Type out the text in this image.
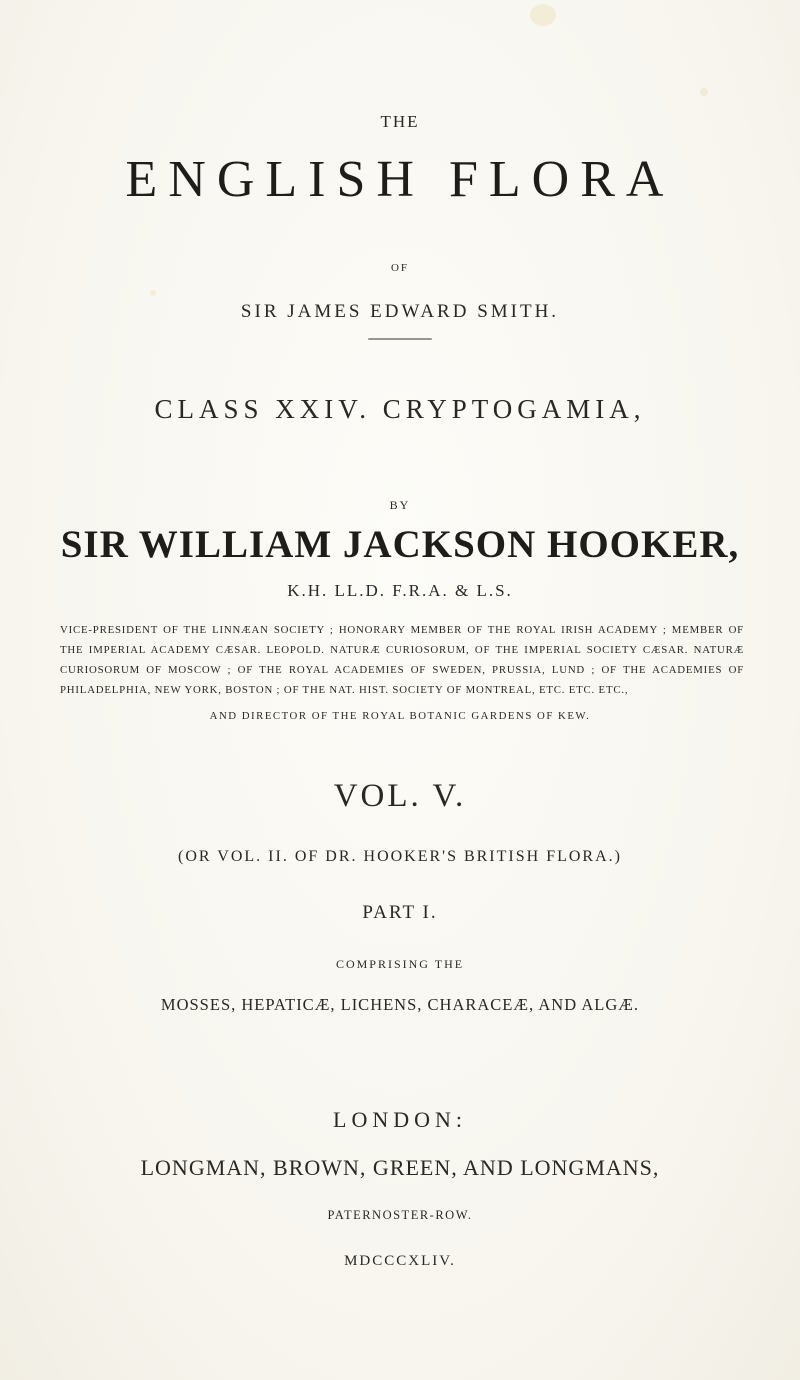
THE
ENGLISH FLORA
OF
SIR JAMES EDWARD SMITH.
CLASS XXIV. CRYPTOGAMIA,
BY
SIR WILLIAM JACKSON HOOKER,
K.H. LL.D. F.R.A. & L.S.
VICE-PRESIDENT OF THE LINNÆAN SOCIETY ; HONORARY MEMBER OF THE ROYAL IRISH ACADEMY ; MEMBER OF THE IMPERIAL ACADEMY CÆSAR. LEOPOLD. NATURÆ CURIOSORUM, OF THE IMPERIAL SOCIETY CÆSAR. NATURÆ CURIOSORUM OF MOSCOW ; OF THE ROYAL ACADEMIES OF SWEDEN, PRUSSIA, LUND ; OF THE ACADEMIES OF PHILADELPHIA, NEW YORK, BOSTON ; OF THE NAT. HIST. SOCIETY OF MONTREAL, ETC. ETC. ETC.,
AND DIRECTOR OF THE ROYAL BOTANIC GARDENS OF KEW.
VOL. V.
(OR VOL. II. OF DR. HOOKER'S BRITISH FLORA.)
PART I.
COMPRISING THE
MOSSES, HEPATICÆ, LICHENS, CHARACEÆ, AND ALGÆ.
LONDON:
LONGMAN, BROWN, GREEN, AND LONGMANS,
PATERNOSTER-ROW.
MDCCCXLIV.
